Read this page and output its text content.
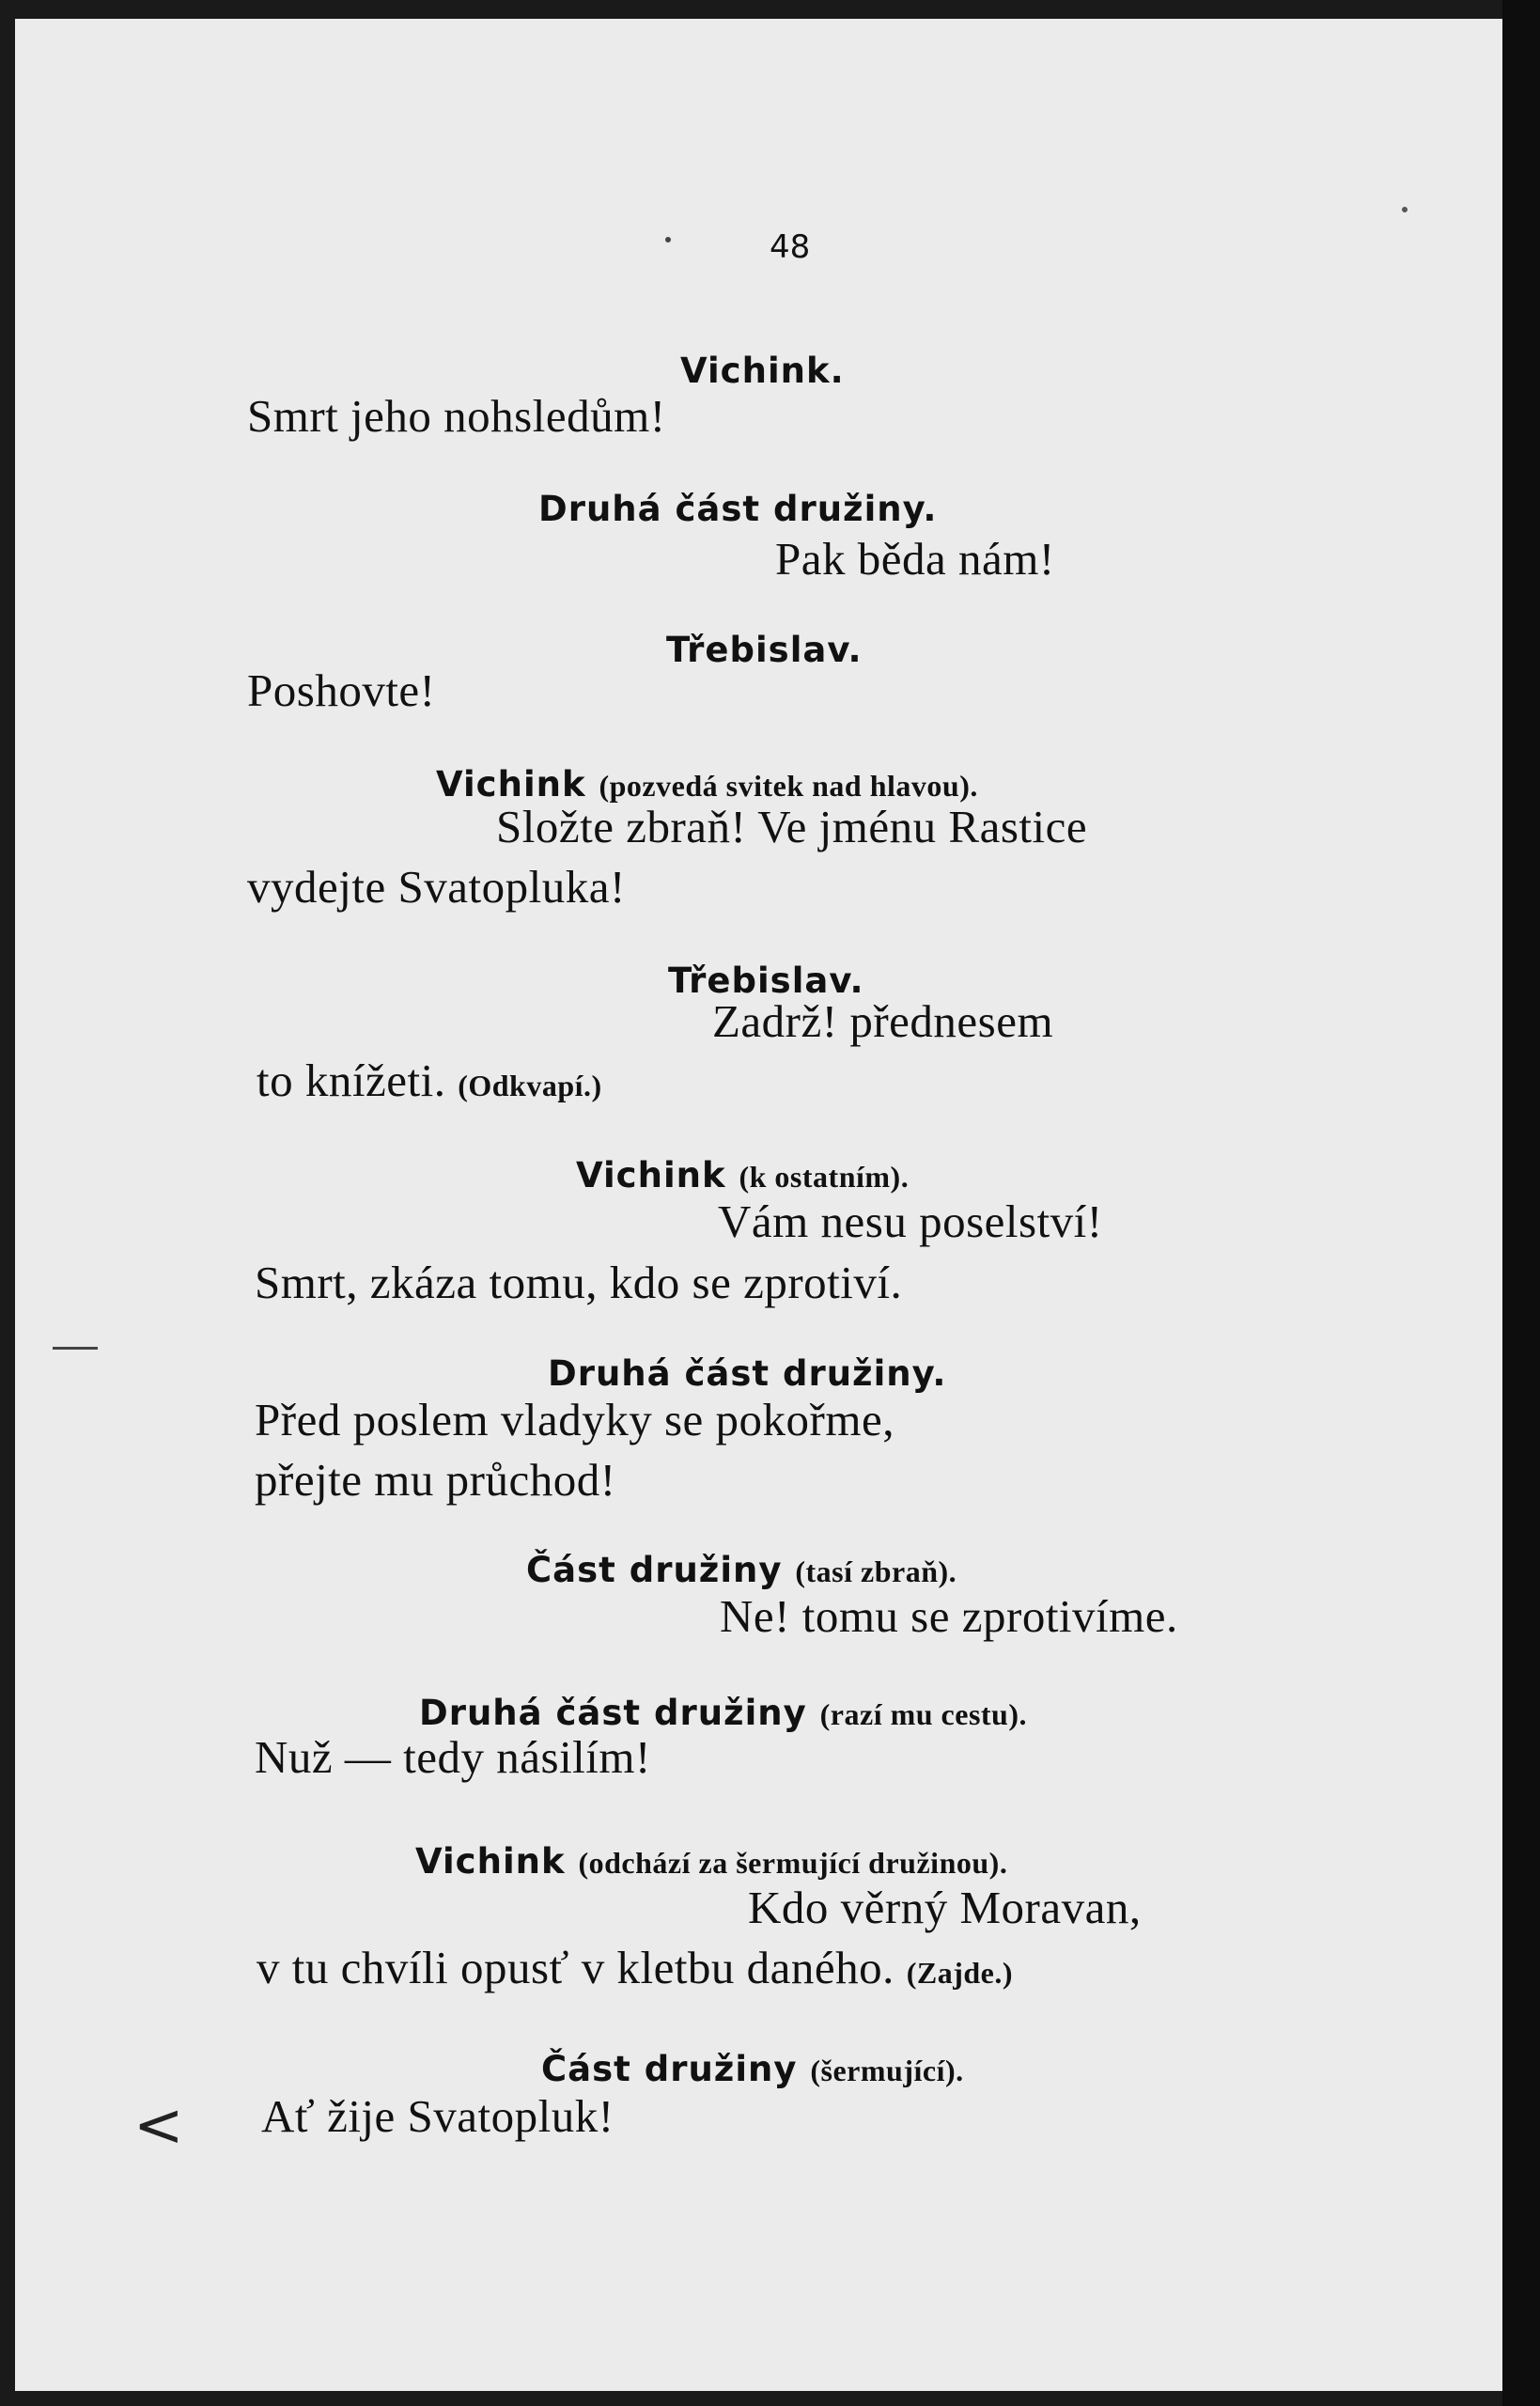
48
Vichink.
Smrt jeho nohsledům!
Druhá část družiny.
Pak běda nám!
Třebislav.
Poshovte!
Vichink (pozvedá svitek nad hlavou).
Složte zbraň! Ve jménu Rastice
vydejte Svatopluka!
Třebislav.
Zadrž! přednesem
to knížeti. (Odkvapí.)
Vichink (k ostatním).
Vám nesu poselství!
Smrt, zkáza tomu, kdo se zprotiví.
Druhá část družiny.
Před poslem vladyky se pokořme,
přejte mu průchod!
Část družiny (tasí zbraň).
Ne! tomu se zprotivíme.
Druhá část družiny (razí mu cestu).
Nuž — tedy násilím!
Vichink (odchází za šermující družinou).
Kdo věrný Moravan,
v tu chvíli opusť v kletbu daného. (Zajde.)
Část družiny (šermující).
Ať žije Svatopluk!
<
